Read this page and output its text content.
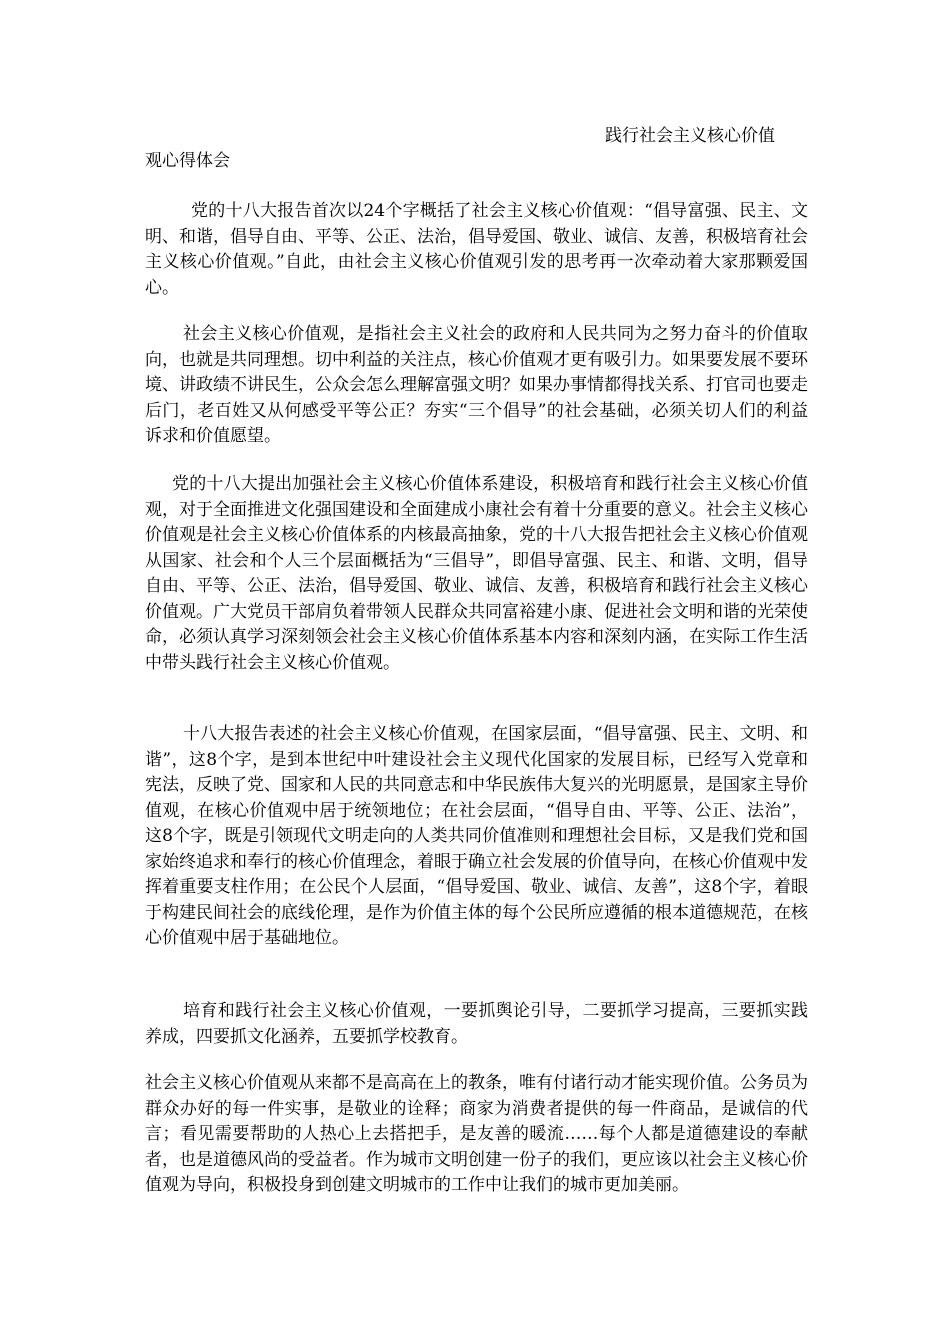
践行社会主义核心价值
观心得体会

党的十八大报告首次以24个字概括了社会主义核心价值观：“倡导富强、民主、文明、和谐，倡导自由、平等、公正、法治，倡导爱国、敬业、诚信、友善，积极培育社会主义核心价值观。”自此，由社会主义核心价值观引发的思考再一次牵动着大家那颗爱国心。

社会主义核心价值观，是指社会主义社会的政府和人民共同为之努力奋斗的价值取向，也就是共同理想。切中利益的关注点，核心价值观才更有吸引力。如果要发展不要环境、讲政绩不讲民生，公众会怎么理解富强文明？如果办事情都得找关系、打官司也要走后门，老百姓又从何感受平等公正？夯实“三个倡导”的社会基础，必须关切人们的利益诉求和价值愿望。

党的十八大提出加强社会主义核心价值体系建设，积极培育和践行社会主义核心价值观，对于全面推进文化强国建设和全面建成小康社会有着十分重要的意义。社会主义核心价值观是社会主义核心价值体系的内核最高抽象，党的十八大报告把社会主义核心价值观从国家、社会和个人三个层面概括为“三倡导”，即倡导富强、民主、和谐、文明，倡导自由、平等、公正、法治，倡导爱国、敬业、诚信、友善，积极培育和践行社会主义核心价值观。广大党员干部肩负着带领人民群众共同富裕建小康、促进社会文明和谐的光荣使命，必须认真学习深刻领会社会主义核心价值体系基本内容和深刻内涵，在实际工作生活中带头践行社会主义核心价值观。

十八大报告表述的社会主义核心价值观，在国家层面，“倡导富强、民主、文明、和谐”，这8个字，是到本世纪中叶建设社会主义现代化国家的发展目标，已经写入党章和宪法，反映了党、国家和人民的共同意志和中华民族伟大复兴的光明愿景，是国家主导价值观，在核心价值观中居于统领地位；在社会层面，“倡导自由、平等、公正、法治”，这8个字，既是引领现代文明走向的人类共同价值准则和理想社会目标，又是我们党和国家始终追求和奉行的核心价值理念，着眼于确立社会发展的价值导向，在核心价值观中发挥着重要支柱作用；在公民个人层面，“倡导爱国、敬业、诚信、友善”，这8个字，着眼于构建民间社会的底线伦理，是作为价值主体的每个公民所应遵循的根本道德规范，在核心价值观中居于基础地位。

培育和践行社会主义核心价值观，一要抓舆论引导，二要抓学习提高，三要抓实践养成，四要抓文化涵养，五要抓学校教育。

社会主义核心价值观从来都不是高高在上的教条，唯有付诸行动才能实现价值。公务员为群众办好的每一件实事，是敬业的诠释；商家为消费者提供的每一件商品，是诚信的代言；看见需要帮助的人热心上去搭把手，是友善的暖流……每个人都是道德建设的奉献者，也是道德风尚的受益者。作为城市文明创建一份子的我们，更应该以社会主义核心价值观为导向，积极投身到创建文明城市的工作中让我们的城市更加美丽。
